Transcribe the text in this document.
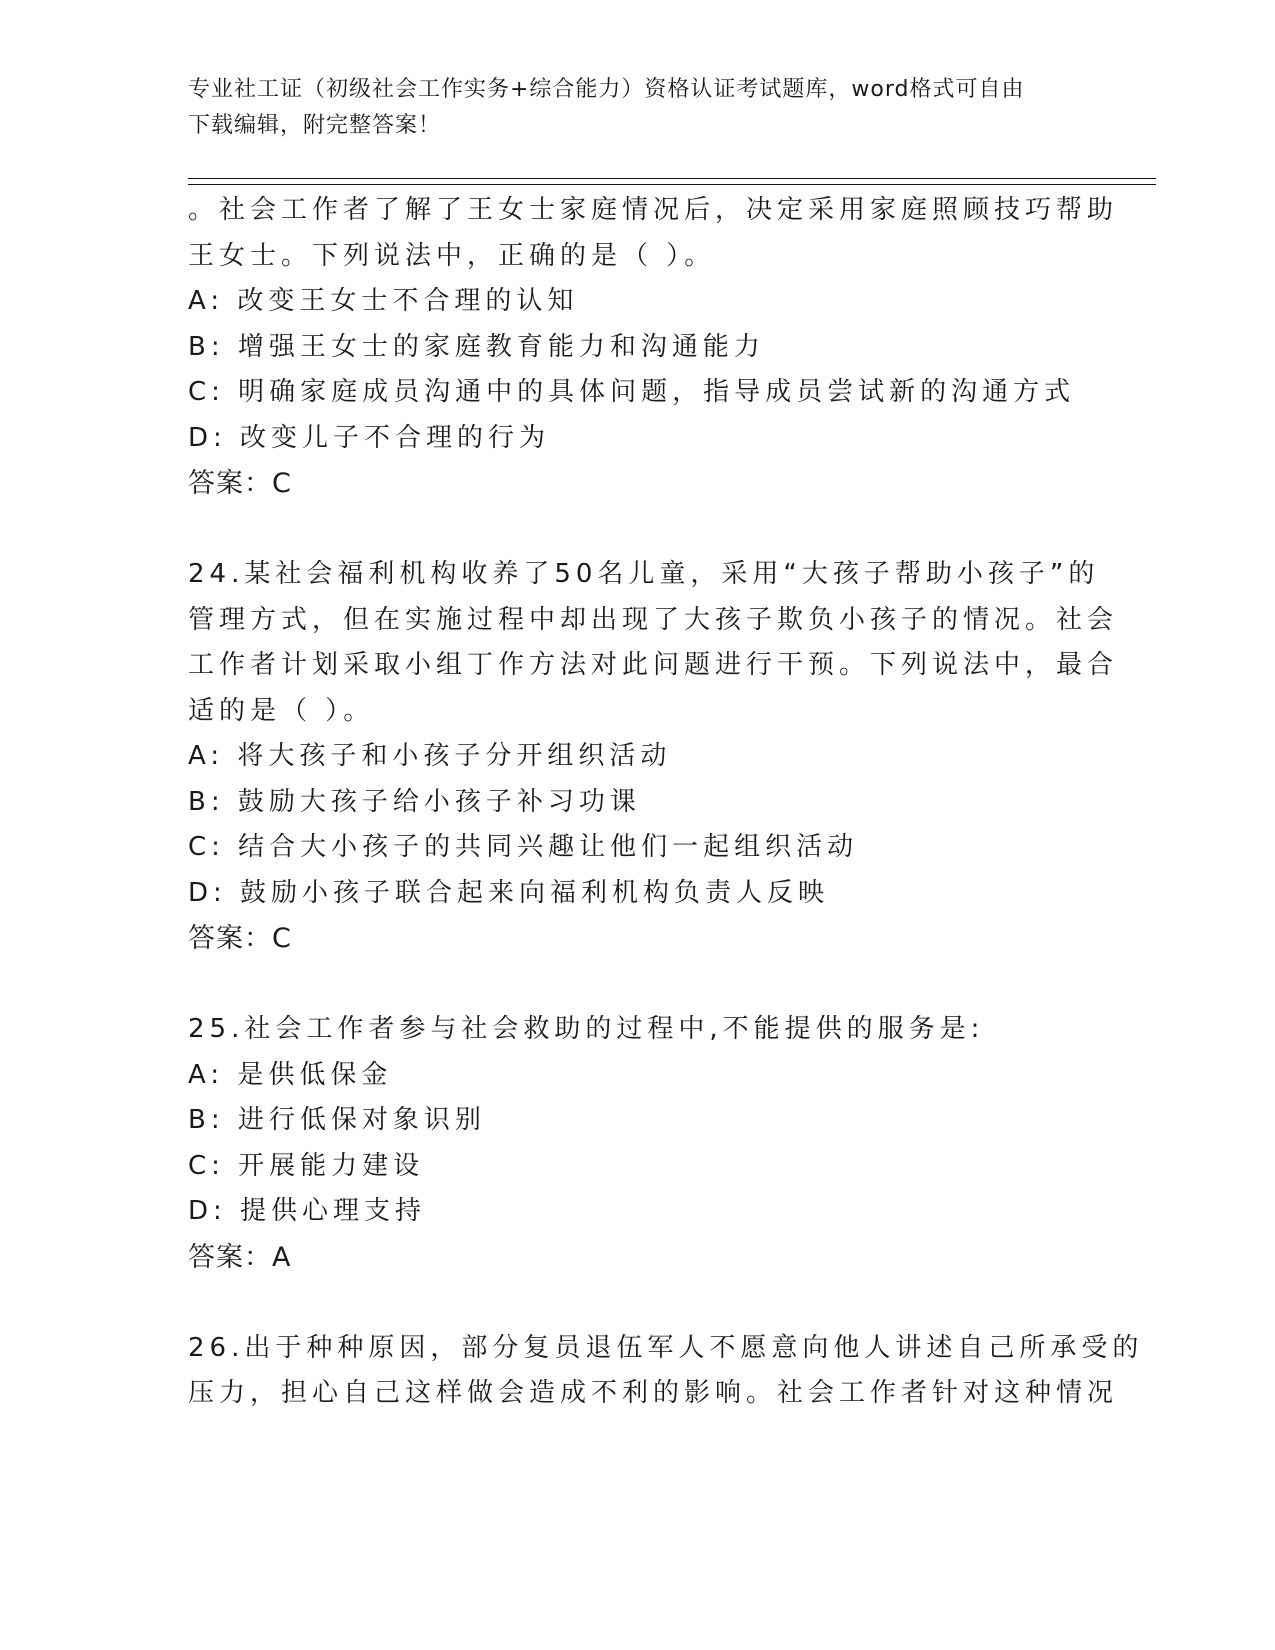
专业社工证（初级社会工作实务+综合能力）资格认证考试题库，word格式可自由
下载编辑，附完整答案！
。社会工作者了解了王女士家庭情况后，决定采用家庭照顾技巧帮助
王女士。下列说法中，正确的是（ ）。
A: 改变王女士不合理的认知
B: 增强王女士的家庭教育能力和沟通能力
C: 明确家庭成员沟通中的具体问题，指导成员尝试新的沟通方式
D: 改变儿子不合理的行为
答案：C
24.某社会福利机构收养了50名儿童，采用“大孩子帮助小孩子”的
管理方式，但在实施过程中却出现了大孩子欺负小孩子的情况。社会
工作者计划采取小组丁作方法对此问题进行干预。下列说法中，最合
适的是（ ）。
A: 将大孩子和小孩子分开组织活动
B: 鼓励大孩子给小孩子补习功课
C: 结合大小孩子的共同兴趣让他们一起组织活动
D: 鼓励小孩子联合起来向福利机构负责人反映
答案：C
25.社会工作者参与社会救助的过程中,不能提供的服务是:
A: 是供低保金
B: 进行低保对象识别
C: 开展能力建设
D: 提供心理支持
答案：A
26.出于种种原因，部分复员退伍军人不愿意向他人讲述自己所承受的
压力，担心自己这样做会造成不利的影响。社会工作者针对这种情况
